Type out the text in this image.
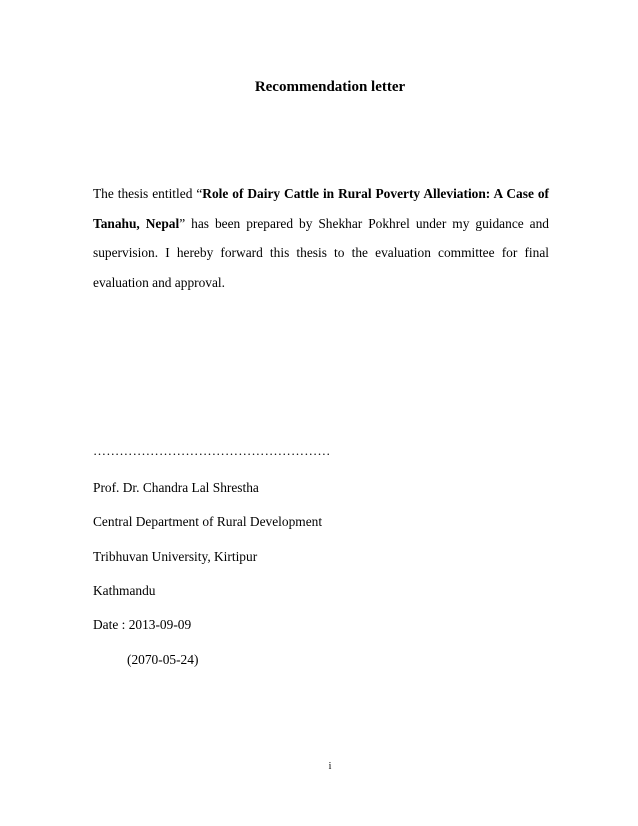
Recommendation letter

The thesis entitled “Role of Dairy Cattle in Rural Poverty Alleviation: A Case of Tanahu, Nepal” has been prepared by Shekhar Pokhrel under my guidance and supervision. I hereby forward this thesis to the evaluation committee for final evaluation and approval.

………………………………………………
Prof. Dr. Chandra Lal Shrestha
Central Department of Rural Development
Tribhuvan University, Kirtipur
Kathmandu
Date : 2013-09-09
(2070-05-24)
i
